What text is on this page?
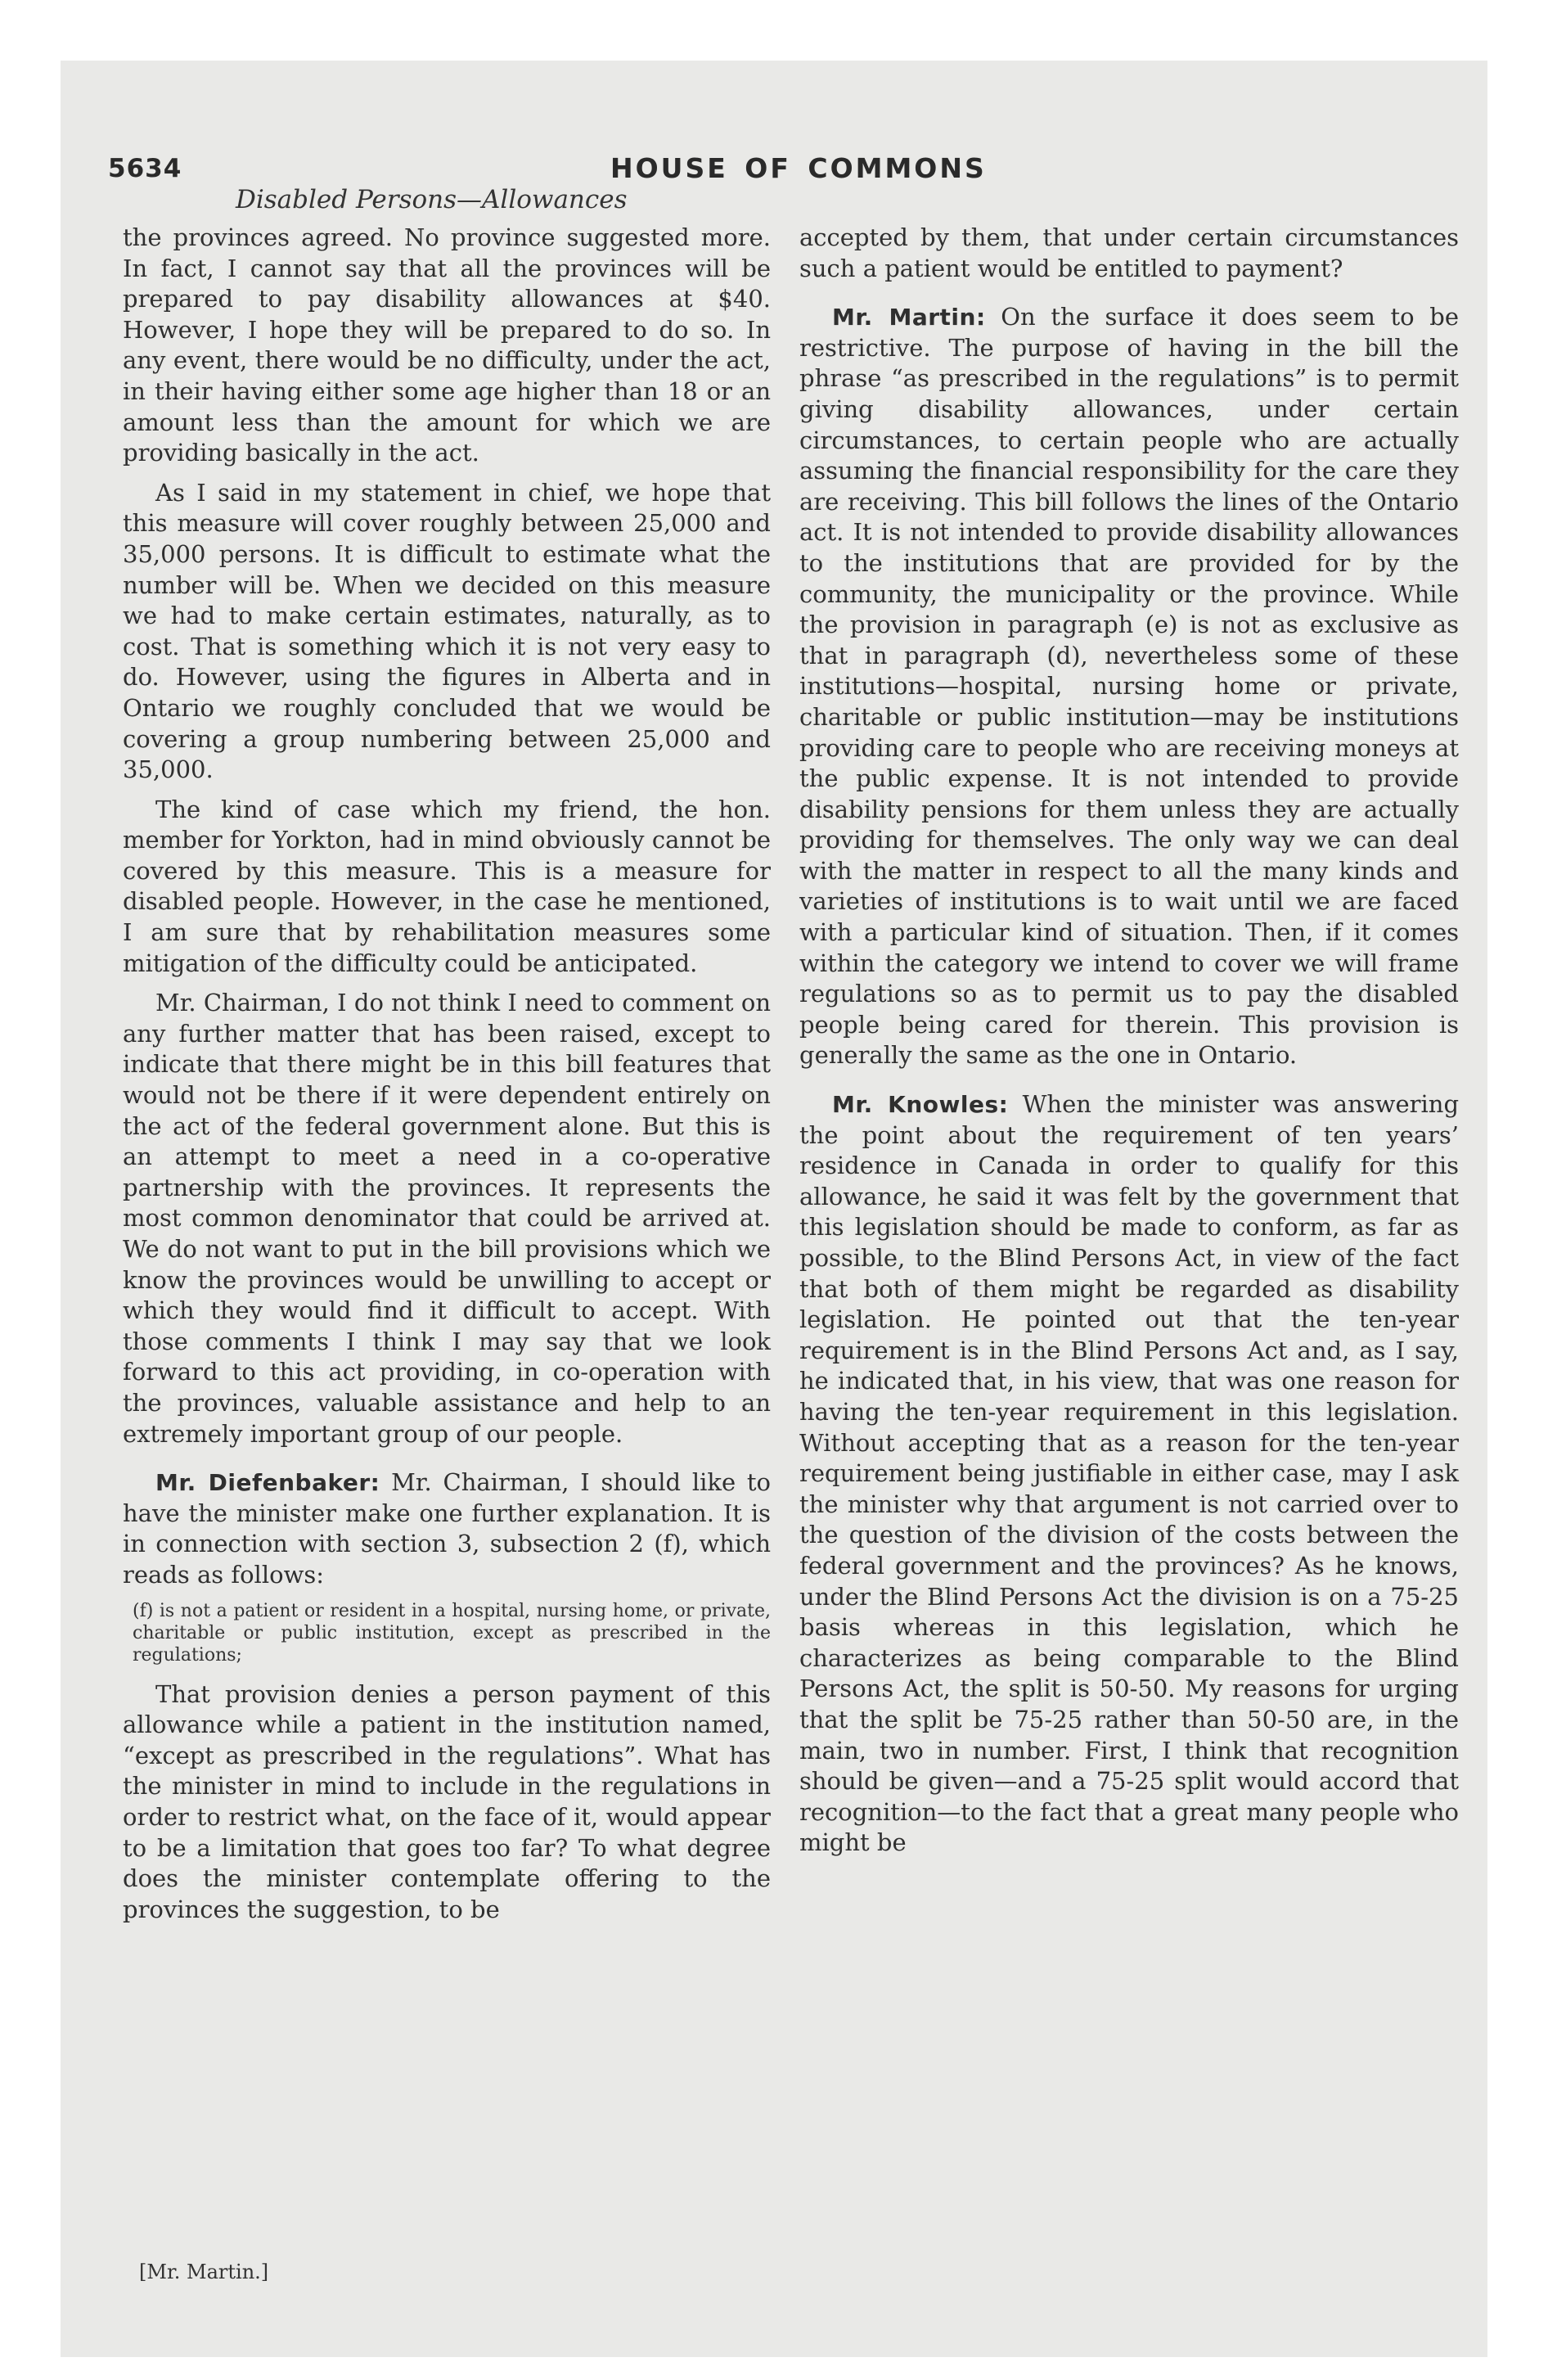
5634	HOUSE OF COMMONS
Disabled Persons—Allowances

the provinces agreed. No province suggested more. In fact, I cannot say that all the provinces will be prepared to pay disability allowances at $40. However, I hope they will be prepared to do so. In any event, there would be no difficulty, under the act, in their having either some age higher than 18 or an amount less than the amount for which we are providing basically in the act.

As I said in my statement in chief, we hope that this measure will cover roughly between 25,000 and 35,000 persons. It is difficult to estimate what the number will be. When we decided on this measure we had to make certain estimates, naturally, as to cost. That is something which it is not very easy to do. However, using the figures in Alberta and in Ontario we roughly concluded that we would be covering a group numbering between 25,000 and 35,000.

The kind of case which my friend, the hon. member for Yorkton, had in mind obviously cannot be covered by this measure. This is a measure for disabled people. However, in the case he mentioned, I am sure that by rehabilitation measures some mitigation of the difficulty could be anticipated.

Mr. Chairman, I do not think I need to comment on any further matter that has been raised, except to indicate that there might be in this bill features that would not be there if it were dependent entirely on the act of the federal government alone. But this is an attempt to meet a need in a co-operative partnership with the provinces. It represents the most common denominator that could be arrived at. We do not want to put in the bill provisions which we know the provinces would be unwilling to accept or which they would find it difficult to accept. With those comments I think I may say that we look forward to this act providing, in co-operation with the provinces, valuable assistance and help to an extremely important group of our people.

Mr. Diefenbaker: Mr. Chairman, I should like to have the minister make one further explanation. It is in connection with section 3, subsection 2 (f), which reads as follows:

(f) is not a patient or resident in a hospital, nursing home, or private, charitable or public institution, except as prescribed in the regulations;

That provision denies a person payment of this allowance while a patient in the institution named, “except as prescribed in the regulations”. What has the minister in mind to include in the regulations in order to restrict what, on the face of it, would appear to be a limitation that goes too far? To what degree does the minister contemplate offering to the provinces the suggestion, to be

accepted by them, that under certain circumstances such a patient would be entitled to payment?

Mr. Martin: On the surface it does seem to be restrictive. The purpose of having in the bill the phrase “as prescribed in the regulations” is to permit giving disability allowances, under certain circumstances, to certain people who are actually assuming the financial responsibility for the care they are receiving. This bill follows the lines of the Ontario act. It is not intended to provide disability allowances to the institutions that are provided for by the community, the municipality or the province. While the provision in paragraph (e) is not as exclusive as that in paragraph (d), nevertheless some of these institutions—hospital, nursing home or private, charitable or public institution—may be institutions providing care to people who are receiving moneys at the public expense. It is not intended to provide disability pensions for them unless they are actually providing for themselves. The only way we can deal with the matter in respect to all the many kinds and varieties of institutions is to wait until we are faced with a particular kind of situation. Then, if it comes within the category we intend to cover we will frame regulations so as to permit us to pay the disabled people being cared for therein. This provision is generally the same as the one in Ontario.

Mr. Knowles: When the minister was answering the point about the requirement of ten years’ residence in Canada in order to qualify for this allowance, he said it was felt by the government that this legislation should be made to conform, as far as possible, to the Blind Persons Act, in view of the fact that both of them might be regarded as disability legislation. He pointed out that the ten-year requirement is in the Blind Persons Act and, as I say, he indicated that, in his view, that was one reason for having the ten-year requirement in this legislation. Without accepting that as a reason for the ten-year requirement being justifiable in either case, may I ask the minister why that argument is not carried over to the question of the division of the costs between the federal government and the provinces? As he knows, under the Blind Persons Act the division is on a 75-25 basis whereas in this legislation, which he characterizes as being comparable to the Blind Persons Act, the split is 50-50. My reasons for urging that the split be 75-25 rather than 50-50 are, in the main, two in number. First, I think that recognition should be given—and a 75-25 split would accord that recognition—to the fact that a great many people who might be

[Mr. Martin.]
